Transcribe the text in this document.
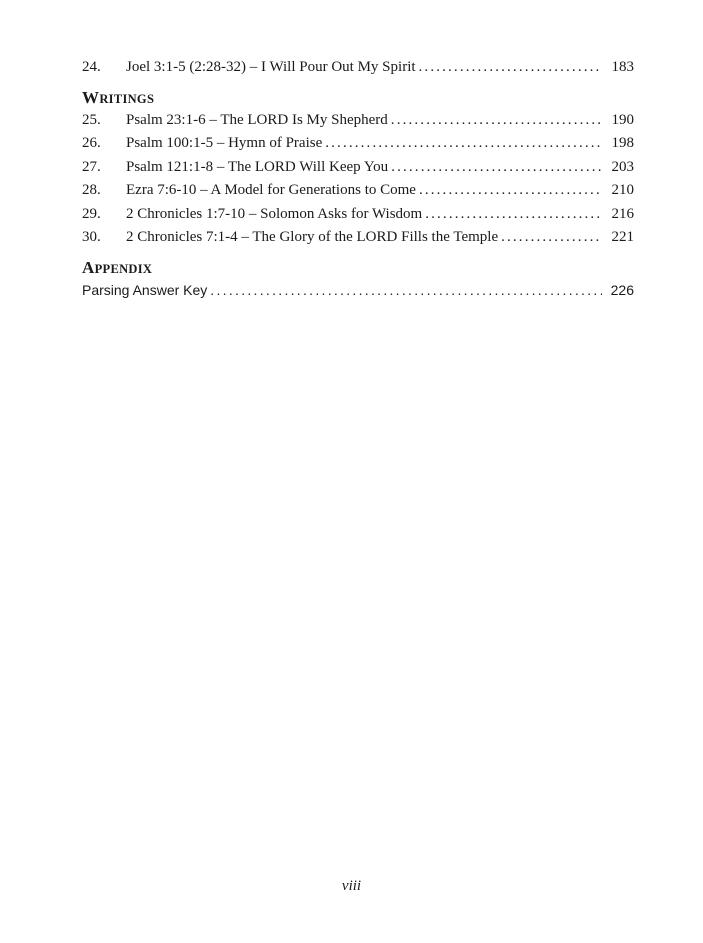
24.	Joel 3:1-5 (2:28-32) – I Will Pour Out My Spirit . . .	183
WRITINGS
25.	Psalm 23:1-6 – The LORD Is My Shepherd . . .	190
26.	Psalm 100:1-5 – Hymn of Praise . . .	198
27.	Psalm 121:1-8 – The LORD Will Keep You . . .	203
28.	Ezra 7:6-10 – A Model for Generations to Come . . .	210
29.	2 Chronicles 1:7-10 – Solomon Asks for Wisdom . . .	216
30.	2 Chronicles 7:1-4 – The Glory of the LORD Fills the Temple . . .	221
APPENDIX
Parsing Answer Key . . .	226
viii
